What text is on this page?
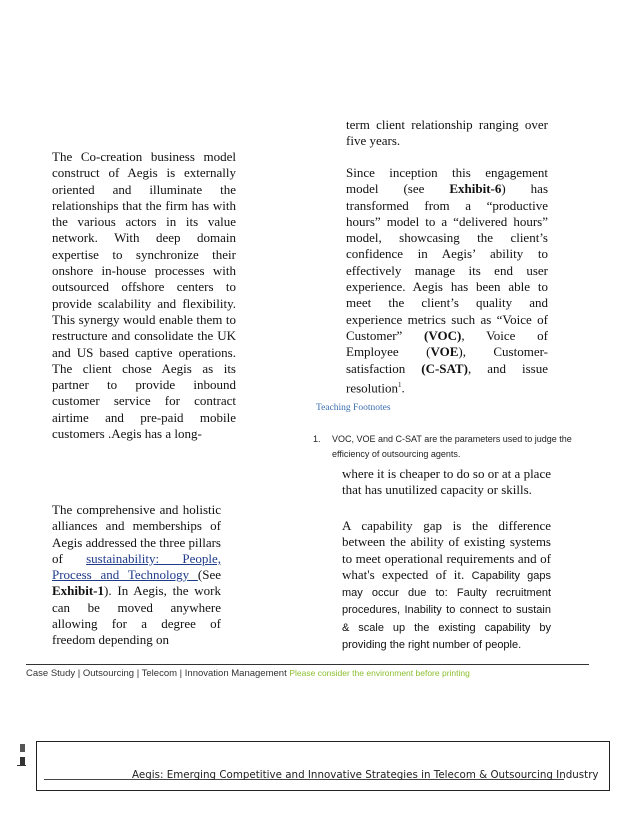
The Co-creation business model construct of Aegis is externally oriented and illuminate the relationships that the firm has with the various actors in its value network. With deep domain expertise to synchronize their onshore in-house processes with outsourced offshore centers to provide scalability and flexibility. This synergy would enable them to restructure and consolidate the UK and US based captive operations. The client chose Aegis as its partner to provide inbound customer service for contract airtime and pre-paid mobile customers .Aegis has a long-

The comprehensive and holistic alliances and memberships of Aegis addressed the three pillars of sustainability: People, Process and Technology (See Exhibit-1). In Aegis, the work can be moved anywhere allowing for a degree of freedom depending on

term client relationship ranging over five years.

Since inception this engagement model (see Exhibit-6) has transformed from a “productive hours” model to a “delivered hours” model, showcasing the client’s confidence in Aegis’ ability to effectively manage its end user experience. Aegis has been able to meet the client’s quality and experience metrics such as “Voice of Customer” (VOC), Voice of Employee (VOE), Customer-satisfaction (C-SAT), and issue resolution$^1$.

Teaching Footnotes
1.	VOC, VOE and C-SAT are the parameters used to judge the efficiency of outsourcing agents.

where it is cheaper to do so or at a place that has unutilized capacity or skills.

A capability gap is the difference between the ability of existing systems to meet operational requirements and of what's expected of it. Capability gaps may occur due to: Faulty recruitment procedures, Inability to connect to sustain & scale up the existing capability by providing the right number of people.

Case Study | Outsourcing | Telecom | Innovation Management Please consider the environment before printing
Aegis: Emerging Competitive and Innovative Strategies in Telecom & Outsourcing Industry
